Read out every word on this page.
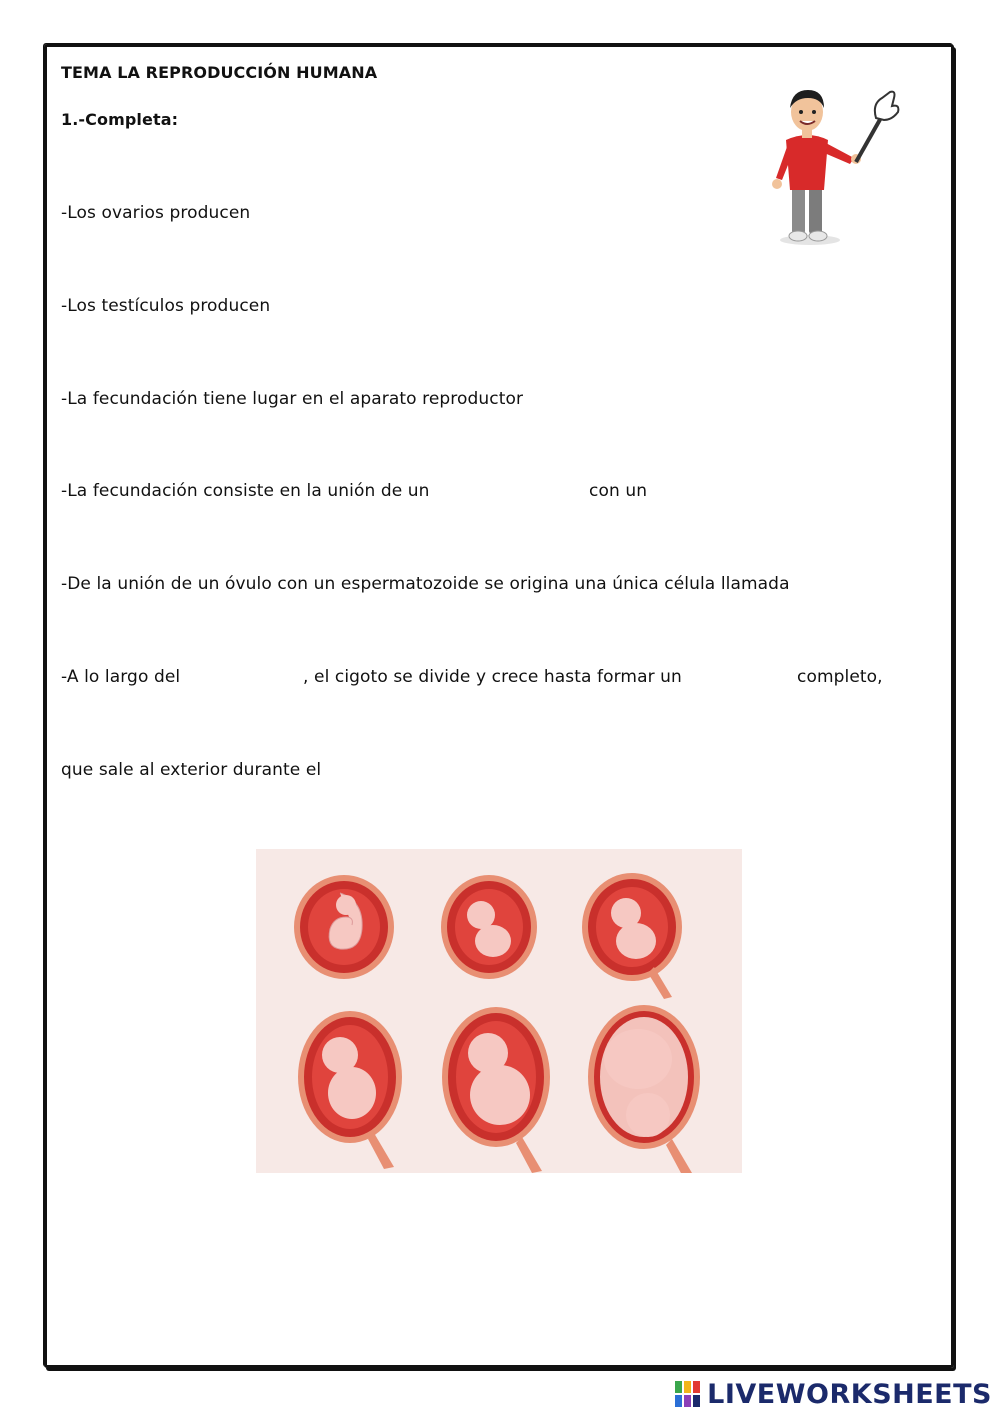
TEMA LA REPRODUCCIÓN HUMANA
1.-Completa:
-Los ovarios producen
-Los testículos producen
-La fecundación tiene lugar en el aparato reproductor
-La fecundación consiste en la unión de un	con un
-De la unión de un óvulo con un espermatozoide se origina una única célula llamada
-A lo largo del	, el cigoto se divide y crece hasta formar un	completo,
que sale al exterior durante el
LIVEWORKSHEETS
